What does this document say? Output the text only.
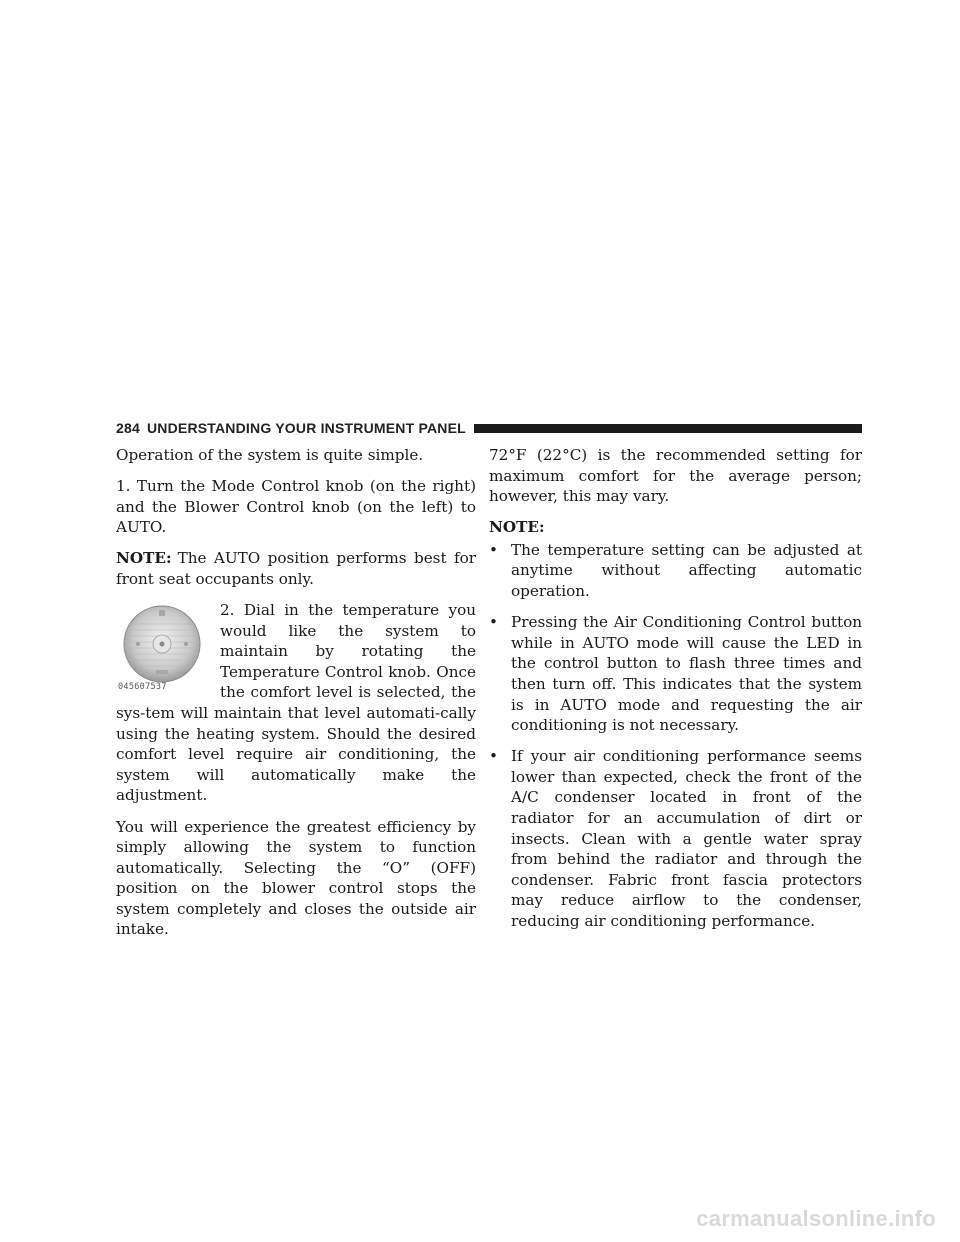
284 UNDERSTANDING YOUR INSTRUMENT PANEL

Operation of the system is quite simple.

1. Turn the Mode Control knob (on the right) and the Blower Control knob (on the left) to AUTO.

NOTE: The AUTO position performs best for front seat occupants only.

045607537

2. Dial in the temperature you would like the system to maintain by rotating the Temperature Control knob. Once the comfort level is selected, the sys-tem will maintain that level automati-cally using the heating system. Should the desired comfort level require air conditioning, the system will automatically make the adjustment.

You will experience the greatest efficiency by simply allowing the system to function automatically. Selecting the “O” (OFF) position on the blower control stops the system completely and closes the outside air intake.

72°F (22°C) is the recommended setting for maximum comfort for the average person; however, this may vary.

NOTE:
• The temperature setting can be adjusted at anytime without affecting automatic operation.
• Pressing the Air Conditioning Control button while in AUTO mode will cause the LED in the control button to flash three times and then turn off. This indicates that the system is in AUTO mode and requesting the air conditioning is not necessary.
• If your air conditioning performance seems lower than expected, check the front of the A/C condenser located in front of the radiator for an accumulation of dirt or insects. Clean with a gentle water spray from behind the radiator and through the condenser. Fabric front fascia protectors may reduce airflow to the condenser, reducing air conditioning performance.
carmanualsonline.info
